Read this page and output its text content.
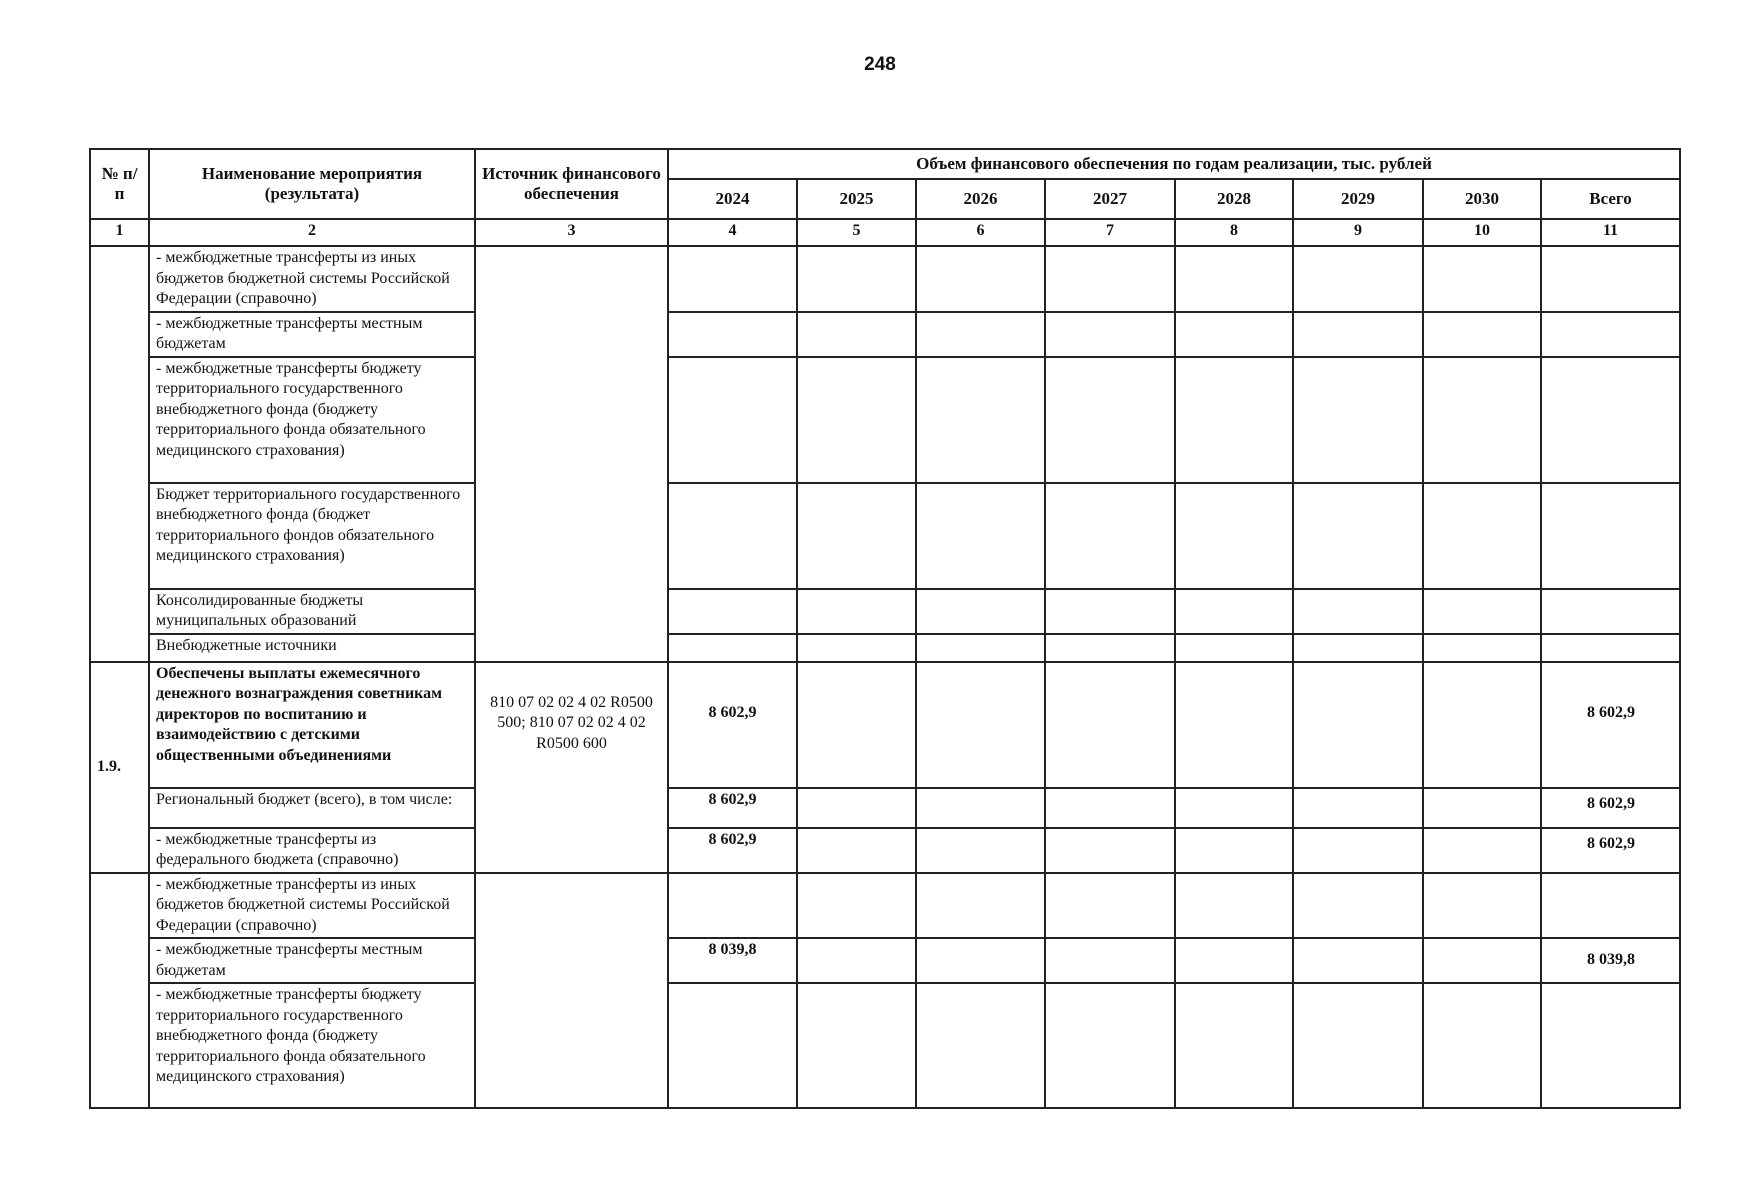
248
№ п/п	Наименование мероприятия (результата)	Источник финансового обеспечения	Объем финансового обеспечения по годам реализации, тыс. рублей							
			2024	2025	2026	2027	2028	2029	2030	Всего
1	2	3	4	5	6	7	8	9	10	11
	- межбюджетные трансферты из иных бюджетов бюджетной системы Российской Федерации (справочно)									
	- межбюджетные трансферты местным бюджетам									
	- межбюджетные трансферты бюджету территориального государственного внебюджетного фонда (бюджету территориального фонда обязательного медицинского страхования)									
	Бюджет территориального государственного внебюджетного фонда (бюджет территориального фондов обязательного медицинского страхования)									
	Консолидированные бюджеты муниципальных образований									
	Внебюджетные источники									
1.9.	Обеспечены выплаты ежемесячного денежного вознаграждения советникам директоров по воспитанию и взаимодействию с детскими общественными объединениями	810 07 02 02 4 02 R0500 500; 810 07 02 02 4 02 R0500 600	8 602,9							8 602,9
	Региональный бюджет (всего), в том числе:		8 602,9							8 602,9
	- межбюджетные трансферты из федерального бюджета (справочно)		8 602,9							8 602,9
	- межбюджетные трансферты из иных бюджетов бюджетной системы Российской Федерации (справочно)									
	- межбюджетные трансферты местным бюджетам		8 039,8							8 039,8
	- межбюджетные трансферты бюджету территориального государственного внебюджетного фонда (бюджету территориального фонда обязательного медицинского страхования)									
